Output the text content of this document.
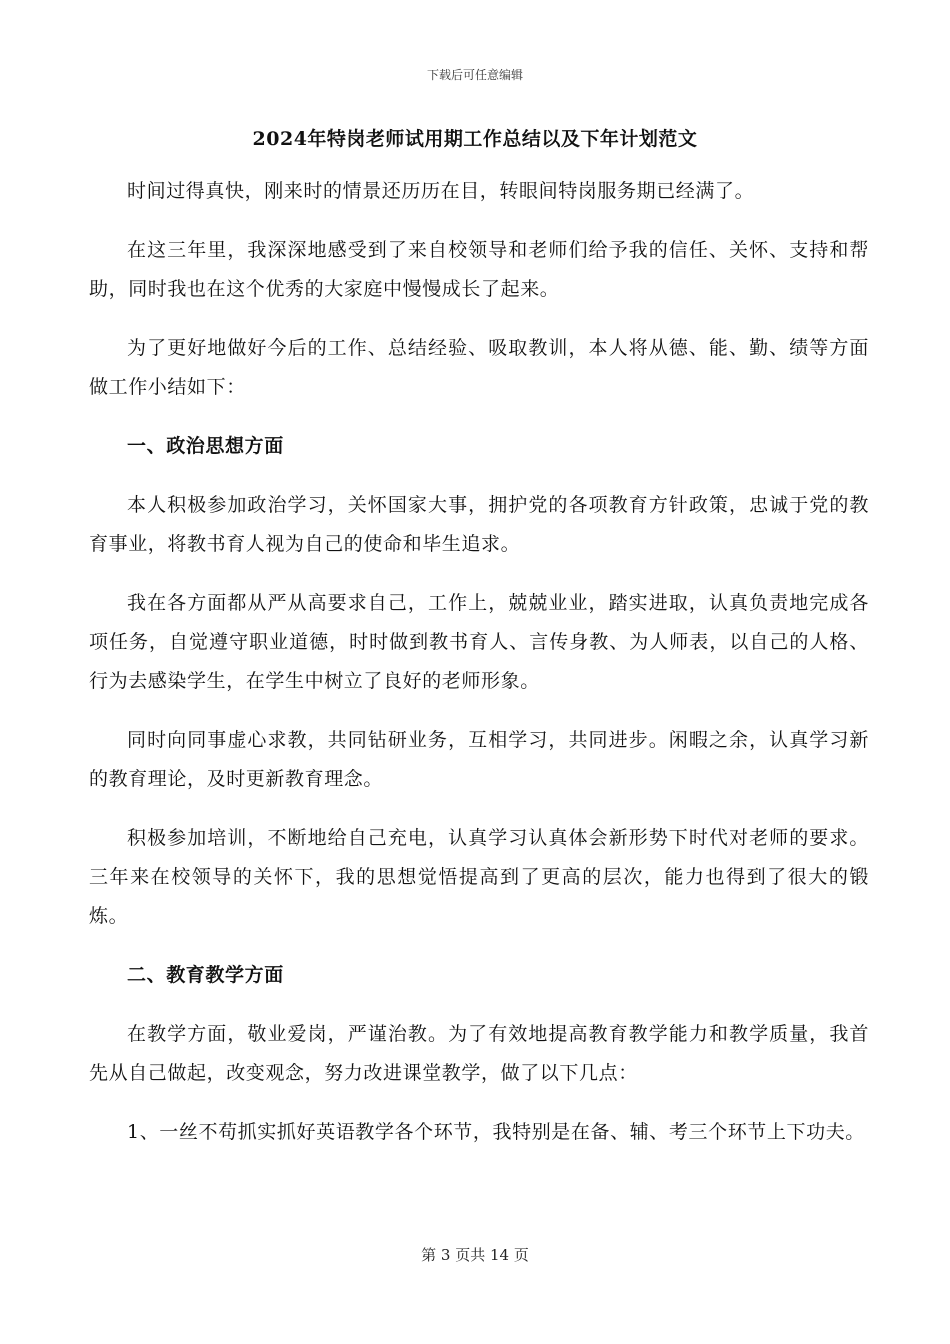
下载后可任意编辑
2024年特岗老师试用期工作总结以及下年计划范文

时间过得真快，刚来时的情景还历历在目，转眼间特岗服务期已经满了。

在这三年里，我深深地感受到了来自校领导和老师们给予我的信任、关怀、支持和帮助，同时我也在这个优秀的大家庭中慢慢成长了起来。

为了更好地做好今后的工作、总结经验、吸取教训，本人将从德、能、勤、绩等方面做工作小结如下：

一、政治思想方面

本人积极参加政治学习，关怀国家大事，拥护党的各项教育方针政策，忠诚于党的教育事业，将教书育人视为自己的使命和毕生追求。

我在各方面都从严从高要求自己，工作上，兢兢业业，踏实进取，认真负责地完成各项任务，自觉遵守职业道德，时时做到教书育人、言传身教、为人师表，以自己的人格、行为去感染学生，在学生中树立了良好的老师形象。

同时向同事虚心求教，共同钻研业务，互相学习，共同进步。闲暇之余，认真学习新的教育理论，及时更新教育理念。

积极参加培训，不断地给自己充电，认真学习认真体会新形势下时代对老师的要求。三年来在校领导的关怀下，我的思想觉悟提高到了更高的层次，能力也得到了很大的锻炼。

二、教育教学方面

在教学方面，敬业爱岗，严谨治教。为了有效地提高教育教学能力和教学质量，我首先从自己做起，改变观念，努力改进课堂教学，做了以下几点：

1、一丝不苟抓实抓好英语教学各个环节，我特别是在备、辅、考三个环节上下功夫。

第 3 页共 14 页
